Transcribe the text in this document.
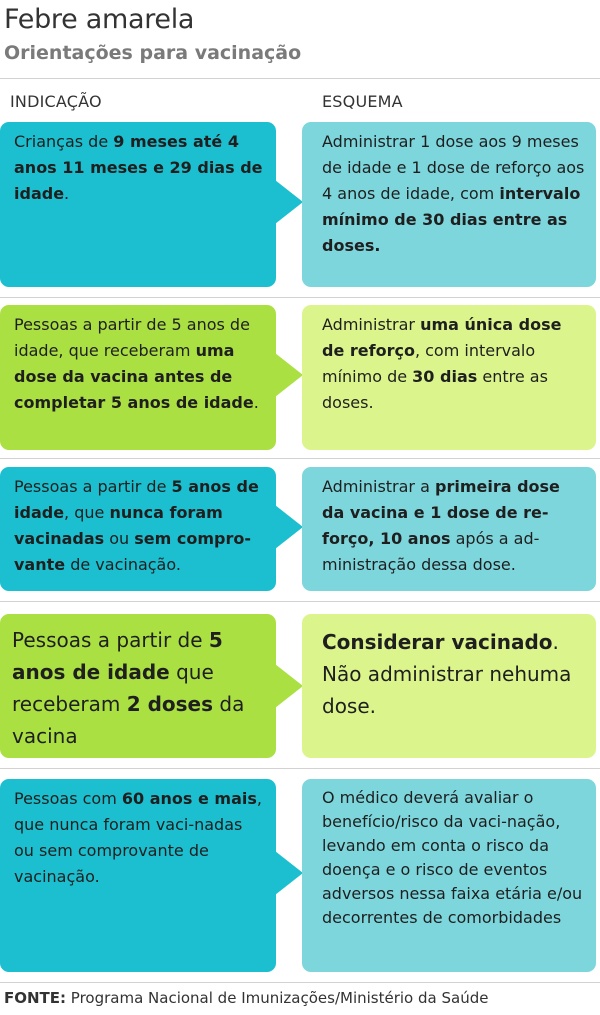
Febre amarela
Orientações para vacinação
INDICAÇÃO	ESQUEMA
Crianças de 9 meses até 4 anos 11 meses e 29 dias de idade.
Administrar 1 dose aos 9 meses de idade e 1 dose de reforço aos 4 anos de idade, com intervalo mínimo de 30 dias entre as doses.
Pessoas a partir de 5 anos de idade, que receberam uma dose da vacina antes de completar 5 anos de idade.
Administrar uma única dose de reforço, com intervalo mínimo de 30 dias entre as doses.
Pessoas a partir de 5 anos de idade, que nunca foram vacinadas ou sem compro-vante de vacinação.
Administrar a primeira dose da vacina e 1 dose de re-forço, 10 anos após a ad-ministração dessa dose.
Pessoas a partir de 5 anos de idade que receberam 2 doses da vacina
Considerar vacinado. Não administrar nehuma dose.
Pessoas com 60 anos e mais, que nunca foram vaci-nadas ou sem comprovante de vacinação.
O médico deverá avaliar o benefício/risco da vaci-nação, levando em conta o risco da doença e o risco de eventos adversos nessa faixa etária e/ou decorrentes de comorbidades
FONTE: Programa Nacional de Imunizações/Ministério da Saúde
